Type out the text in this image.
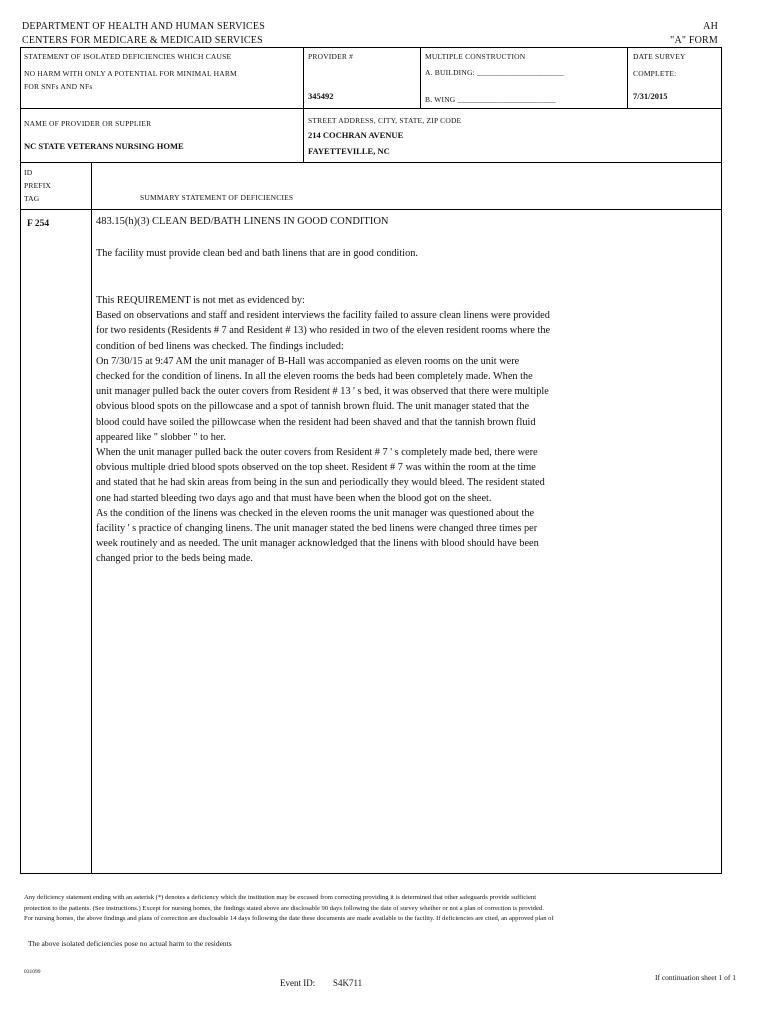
DEPARTMENT OF HEALTH AND HUMAN SERVICES
CENTERS FOR MEDICARE & MEDICAID SERVICES
AH
"A" FORM
STATEMENT OF ISOLATED DEFICIENCIES WHICH CAUSE
NO HARM WITH ONLY A POTENTIAL FOR MINIMAL HARM
FOR SNFs AND NFs
PROVIDER #
345492
MULTIPLE CONSTRUCTION
A. BUILDING: ______________________
B. WING _________________________
DATE SURVEY
COMPLETE:
7/31/2015
NAME OF PROVIDER OR SUPPLIER
NC STATE VETERANS NURSING HOME
STREET ADDRESS, CITY, STATE, ZIP CODE
214 COCHRAN AVENUE
FAYETTEVILLE, NC
ID
PREFIX
TAG	SUMMARY STATEMENT OF DEFICIENCIES
F 254	483.15(h)(3) CLEAN BED/BATH LINENS IN GOOD CONDITION
The facility must provide clean bed and bath linens that are in good condition.

This REQUIREMENT is not met as evidenced by:

Based on observations and staff and resident interviews the facility failed to assure clean linens were provided

for two residents (Residents # 7 and Resident # 13) who resided in two of the eleven resident rooms where the

condition of bed linens was checked. The findings included:

On 7/30/15 at 9:47 AM the unit manager of B-Hall was accompanied as eleven rooms on the unit were

checked for the condition of linens. In all the eleven rooms the beds had been completely made. When the

unit manager pulled back the outer covers from Resident # 13 ' s bed, it was observed that there were multiple

obvious blood spots on the pillowcase and a spot of tannish brown fluid. The unit manager stated that the

blood could have soiled the pillowcase when the resident had been shaved and that the tannish brown fluid

appeared like " slobber " to her.

When the unit manager pulled back the outer covers from Resident # 7 ' s completely made bed, there were

obvious multiple dried blood spots observed on the top sheet. Resident # 7 was within the room at the time

and stated that he had skin areas from being in the sun and periodically they would bleed. The resident stated

one had started bleeding two days ago and that must have been when the blood got on the sheet.

As the condition of the linens was checked in the eleven rooms the unit manager was questioned about the

facility ' s practice of changing linens. The unit manager stated the bed linens were changed three times per

week routinely and as needed. The unit manager acknowledged that the linens with blood should have been

changed prior to the beds being made.

Any deficiency statement ending with an asterisk (*) denotes a deficiency which the institution may be excused from correcting providing it is determined that other safeguards provide sufficient
protection to the patients. (See instructions.) Except for nursing homes, the findings stated above are disclosable 90 days following the date of survey whether or not a plan of correction is provided.
For nursing homes, the above findings and plans of correction are disclosable 14 days following the date these documents are made available to the facility. If deficiencies are cited, an approved plan of
The above isolated deficiencies pose no actual harm to the residents
031099
Event ID: S4K711
If continuation sheet 1 of 1
